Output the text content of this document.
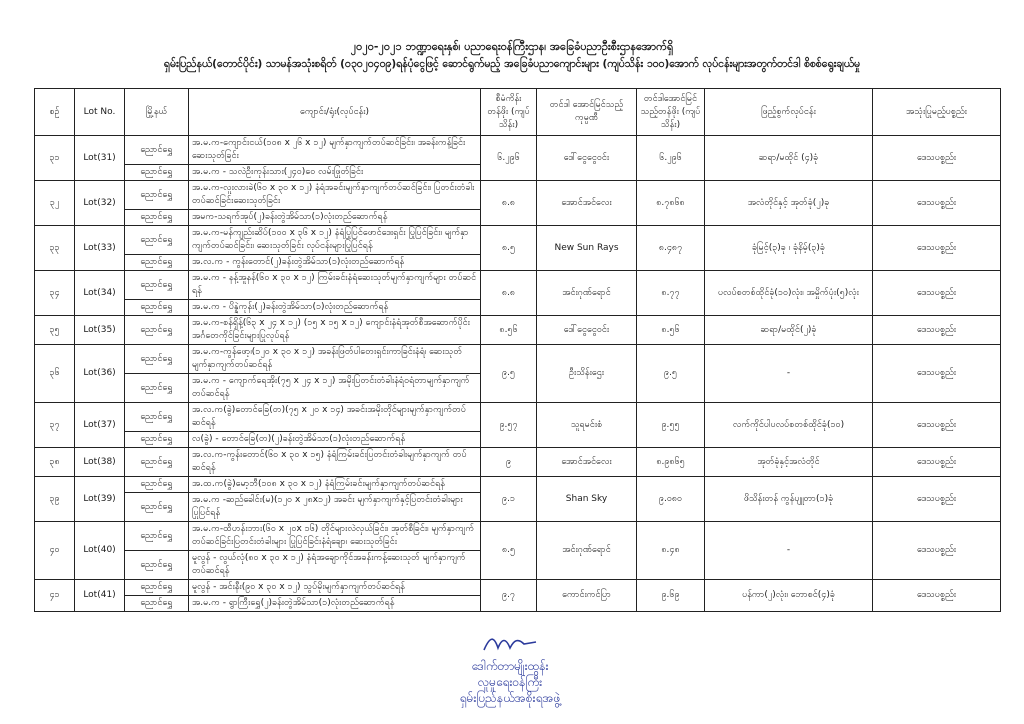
၂၀၂၀-၂၀၂၁ ဘဏ္ဍာရေးနှစ်၊ ပညာရေးဝန်ကြီးဌာန၊ အခြေခံပညာဦးစီးဌာနအောက်ရှိ
ရှမ်းပြည်နယ်(တောင်ပိုင်း) သာမန်အသုံးစရိတ် (၀၃၀၂၀၄၀၉)ရန်ပုံငွေဖြင့် ဆောင်ရွက်မည့် အခြေခံပညာကျောင်းများ (ကျပ်သိန်း ၁၀၀)အောက် လုပ်ငန်းများအတွက်တင်ဒါ စိစစ်ရွေးချယ်မှု
စဉ်	Lot No.	မြို့နယ်	ကျောင်း/ရုံး(လုပ်ငန်း)	စီမံကိန်း တန်ဖိုး (ကျပ်သိန်း)	တင်ဒါ အောင်မြင်သည့်ကုမ္ပဏီ	တင်ဒါအောင်မြင် သည့်တန်ဖိုး (ကျပ်သိန်း)	ဖြည့်စွက်လုပ်ငန်း	အသုံးပြုမည့်ပစ္စည်း
၃၁	Lot(31)	ညောင်ရွှေ	အ.မ.က-ကျောင်းငယ်(၁၀၈ x ၂၆ x ၁၂) မျက်နှာကျက်တပ်ဆင်ခြင်း၊ အခန်းကန့်ခြင်းဆေးသုတ်ခြင်း	၆.၂၉၆	ဒေါ်ငွေငွေဝင်း	၆.၂၉၆	ဆရာ/မထိုင် (၄)ခုံ	ဒေသပစ္စည်း
		ညောင်ရွှေ	အ.မ.က - သလဲဦးကုန်းသား(၂၄၀)ဝေ လမ်းဖြုတ်ခြင်း					
၃၂	Lot(32)	ညောင်ရွှေ	အ.မ.က-လူးလားခဲ(၆၀ x ၃၀ x ၁၂) နံရံအခင်းမျက်နှာကျက်တပ်ဆင်ခြင်း၊ ပြတင်းတံခါးတပ်ဆင်ခြင်းဆေးသုတ်ခြင်း	၈.၈	အောင်အင်လေး	၈.၇၈၆၈	အလံတိုင်နှင့် အုတ်ခုံ(၂)ခု	ဒေသပစ္စည်း
		ညောင်ရွှေ	အမက-သရက်အုပ်(၂)ခန်းတွဲအိမ်သာ(၁)လုံးတည်ဆောက်ရန်					
၃၃	Lot(33)	ညောင်ရွှေ	အ.မ.က-မန်ကျည်းဆိပ်(၁၀၀ x ၃၆ x ၁၂) နံရံပြုပြင်ဖောင်ဒေးရှင်း ပြုပြင်ခြင်း၊ မျက်နှာကျက်တပ်ဆင်ခြင်း၊ ဆေးသုတ်ခြင်း လုပ်ငန်းများပြုပြင်ရန်	၈.၅	New Sun Rays	၈.၄၈၇	ခုံမြင့်(၃)ခု ၊ ခုံနိမ့်(၃)ခုံ	ဒေသပစ္စည်း
		ညောင်ရွှေ	အ.လ.က - ကွန်းတောင်(၂)ခန်းတွဲအိမ်သာ(၁)လုံးတည်ဆောက်ရန်					
၃၄	Lot(34)	ညောင်ရွှေ	အ.မ.က - နန့်အူနန်(၆၀ x ၃၀ x ၁၂) ကြမ်းခင်းနံရံဆေးသုတ်မျက်နှာကျက်များ တပ်ဆင်ရန်	၈.၈	အင်းဂုဏ်ရောင်	၈.၇၇	ပလပ်စတစ်ထိုင်ခုံ(၁၀)လုံး၊ အမှိုက်ပုံး(၅)လုံး	ဒေသပစ္စည်း
		ညောင်ရွှေ	အ.မ.က - ပိန္နဲကုန်း(၂)ခန်းတွဲအိမ်သာ(၁)လုံးတည်ဆောက်ရန်					
၃၅	Lot(35)	ညောင်ရွှေ	အ.မ.က-စန်ရှိန့်(၆၃ x ၂၄ x ၁၂) (၁၅ x ၁၅ x ၁၂) ကျောင်းနံရံအုတ်စီအဆောက်ပိုင်း အင်္ဂတေကိုင်ခြင်းများပြုလုပ်ရန်	၈.၅၆	ဒေါ်ငွေငွေဝင်း	၈.၅၆	ဆရာ/မထိုင်(၂)ခုံ	ဒေသပစ္စည်း
၃၆	Lot(36)	ညောင်ရွှေ	အ.မ.က-ကွန်ဖော့၊(၁၂၀ x ၃၀ x ၁၂) အခန်းဖြတ်ပါတေးရှင်းကာခြင်းနံရံ၊ ဆေးသုတ်မျက်နှာကျက်တပ်ဆင်ရန်	၉.၅	ဦးသိန်းဌေး	၉.၅	-	ဒေသပစ္စည်း
		ညောင်ရွှေ	အ.မ.က - ကျောက်ရေအိုး(၇၅ x ၂၄ x ၁၂) အမိုးပြတင်းတံခါးနံရံဝရံတာမျက်နှာကျက် တပ်ဆင်ရန်					
၃၇	Lot(37)	ညောင်ရွှေ	အ.လ.က(ခွဲ)တောင်ခြေ(တ)(၇၅ x ၂၀ x ၁၄) အခင်းအမိုးတိုင်များမျက်နှာကျက်တပ်ဆင်ရန်	၉.၅၇	သူရမင်းစံ	၉.၅၅	လက်ကိုင်ပါပလပ်စတစ်ထိုင်ခုံ(၁၀)	ဒေသပစ္စည်း
		ညောင်ရွှေ	လ(ခွဲ) - တောင်ခြေ(တ)(၂)ခန်းတွဲအိမ်သာ(၁)လုံးတည်ဆောက်ရန်					
၃၈	Lot(38)	ညောင်ရွှေ	အ.လ.က-ကွန်းတောင်(၆၀ x ၃၀ x ၁၅) နံရံကြမ်းခင်းပြတင်းတံခါးမျက်နှာကျက် တပ်ဆင်ရန်	၉	အောင်အင်လေး	၈.၉၈၆၅	အုတ်ခုံနှင့်အလံတိုင်	ဒေသပစ္စည်း
၃၉	Lot(39)	ညောင်ရွှေ	အ.ထ.က(ခွဲ)မော့ဘီ(၁၀၈ x ၃၀ x ၁၂) နံရံကြမ်းခင်းမျက်နှာကျက်တပ်ဆင်ရန်	၉.၁	Shan Sky	၉.၀၈၀	ဖိသိန်းတန် ကွန်ပျူတာ(၁)ခုံ	ဒေသပစ္စည်း
		ညောင်ရွှေ	အ.မ.က -ဆည်ခေါင်း(မ)(၁၂၀ x ၂၈x၁၂) အခင်း မျက်နှာကျက်နှင့်ပြတင်းတံခါးများ ပြုပြင်ရန်					
၄၀	Lot(40)	ညောင်ရွှေ	အ.မ.က-ထီဟန်းဘား(၆၀ x ၂၀x ၁၆) တိုင်များလဲလှယ်ခြင်း၊ အုတ်စီခြင်း၊ မျက်နှာကျက် တပ်ဆင်ခြင်းပြတင်းတံခါးများ ပြုပြင်ခြင်းနံရံချော၊ ဆေးသုတ်ခြင်း	၈.၅	အင်းဂုဏ်ရောင်	၈.၄၈	-	ဒေသပစ္စည်း
		ညောင်ရွှေ	မူလွန် - လွယ်လုံ(၈၀ x ၃၀ x ၁၂) နံရံအချောကိုင်အခန်းကန့်ဆေးသုတ် မျက်နှာကျက်တပ်ဆင်ရန်					
၄၁	Lot(41)	ညောင်ရွှေ	မူလွန် - အင်းနီး(၉၀ x ၃၀ x ၁၂) သွပ်မိုးမျက်နှာကျက်တပ်ဆင်ရန်	၉.၇	ကောင်းကင်ပြာ	၉.၆၉	ပန်ကာ(၂)လုံး၊ ဘောစင်(၄)ခုံ	ဒေသပစ္စည်း
		ညောင်ရွှေ	အ.မ.က - ရွာကြီးရွှေ(၂)ခန်းတွဲအိမ်သာ(၁)လုံးတည်ဆောက်ရန်					
ဒေါက်တာမျိုးထွန်း
လူမှုရေးဝန်ကြီး
ရှမ်းပြည်နယ်အစိုးရအဖွဲ့
